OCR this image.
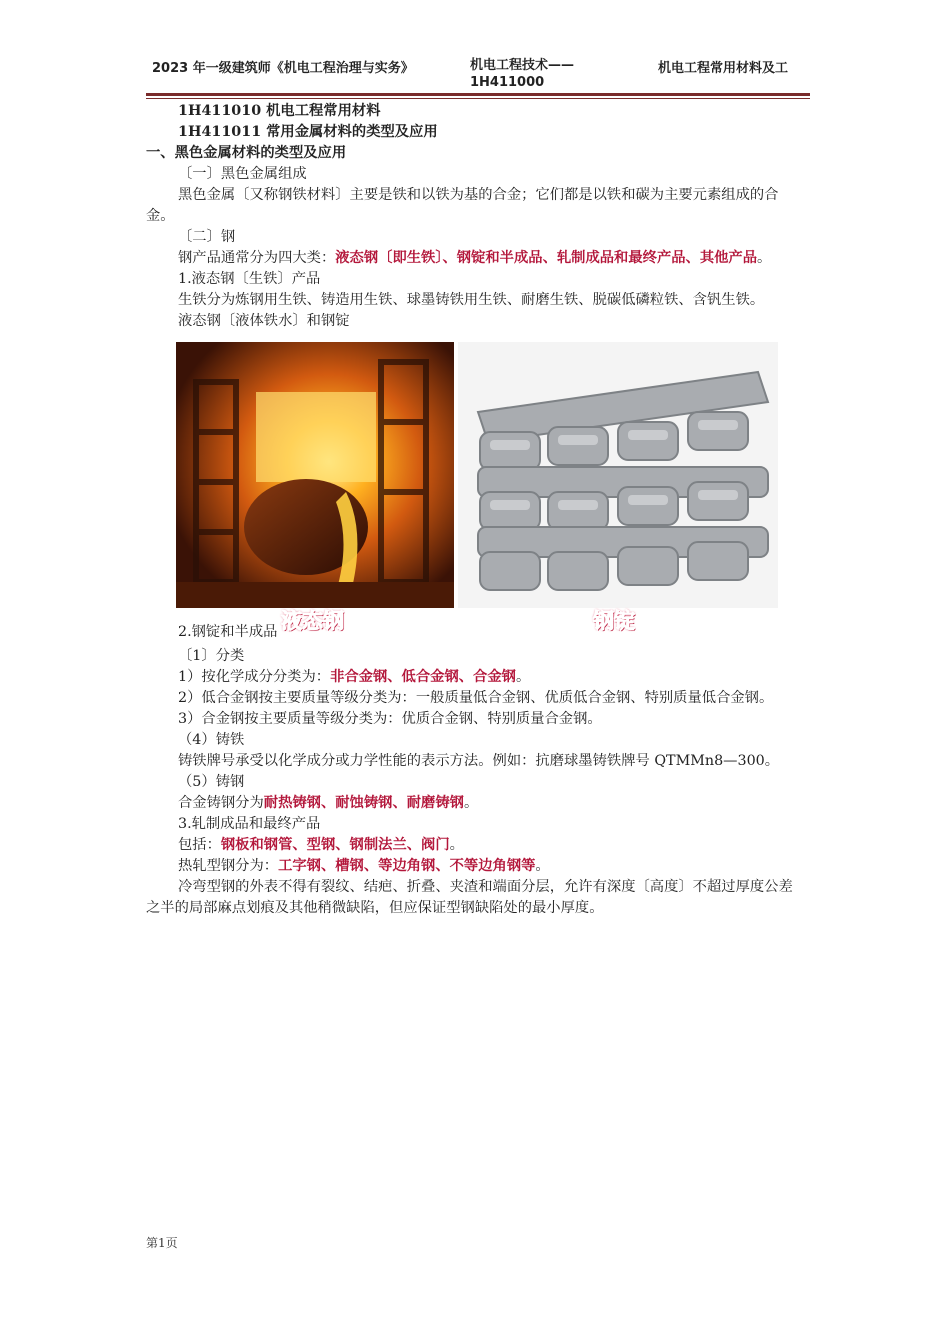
2023 年一级建筑师《机电工程治理与实务》	机电工程技术——1H411000
机电工程常用材料及工

1H411010 机电工程常用材料

1H411011 常用金属材料的类型及应用

一、黑色金属材料的类型及应用

〔一〕黑色金属组成

黑色金属〔又称钢铁材料〕主要是铁和以铁为基的合金；它们都是以铁和碳为主要元素组成的合金。

〔二〕钢

钢产品通常分为四大类：液态钢〔即生铁〕、钢锭和半成品、轧制成品和最终产品、其他产品。

1.液态钢〔生铁〕产品

生铁分为炼钢用生铁、铸造用生铁、球墨铸铁用生铁、耐磨生铁、脱碳低磷粒铁、含钒生铁。

液态钢〔液体铁水〕和钢锭

液态钢	钢锭
2.钢锭和半成品

〔1〕分类

1）按化学成分分类为：非合金钢、低合金钢、合金钢。

2）低合金钢按主要质量等级分类为：一般质量低合金钢、优质低合金钢、特别质量低合金钢。

3）合金钢按主要质量等级分类为：优质合金钢、特别质量合金钢。

（4）铸铁

铸铁牌号承受以化学成分或力学性能的表示方法。例如：抗磨球墨铸铁牌号 QTMMn8—300。

（5）铸钢

合金铸钢分为耐热铸钢、耐蚀铸钢、耐磨铸钢。

3.轧制成品和最终产品

包括：钢板和钢管、型钢、钢制法兰、阀门。

热轧型钢分为：工字钢、槽钢、等边角钢、不等边角钢等。

冷弯型钢的外表不得有裂纹、结疤、折叠、夹渣和端面分层，允许有深度〔高度〕不超过厚度公差之半的局部麻点划痕及其他稍微缺陷，但应保证型钢缺陷处的最小厚度。

第1页
